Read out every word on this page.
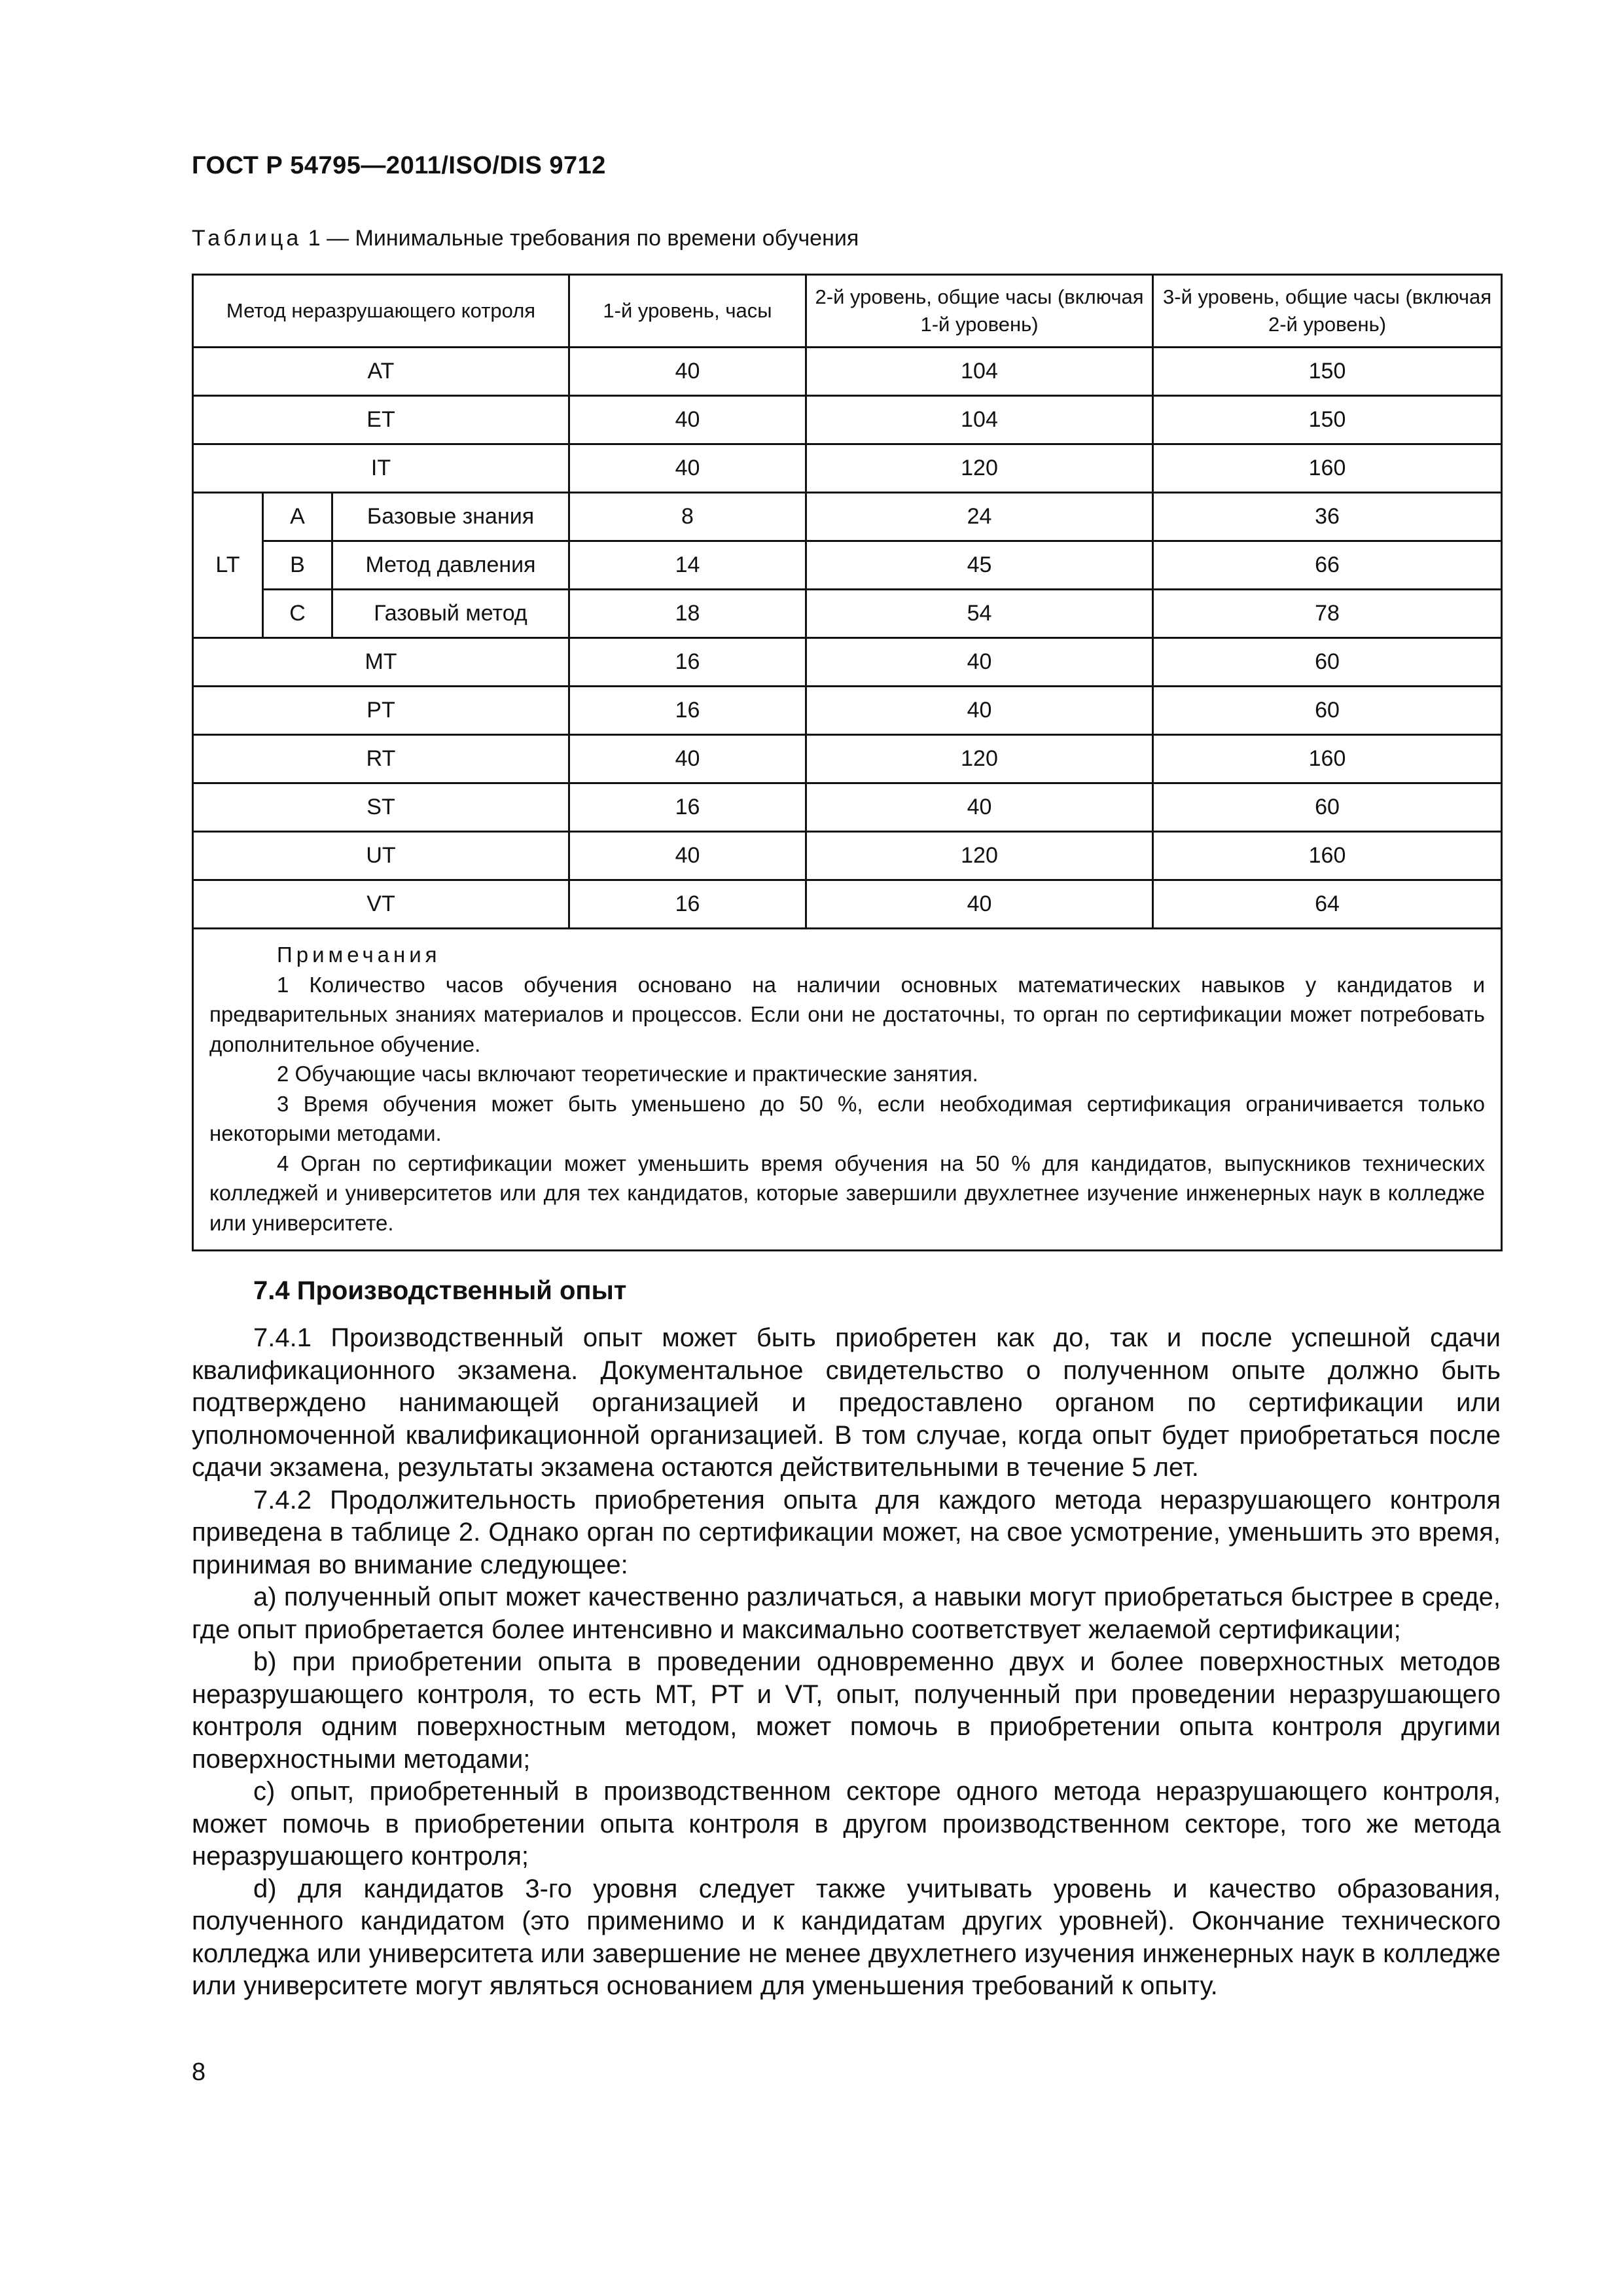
ГОСТ Р 54795—2011/ISO/DIS 9712
Таблица 1 — Минимальные требования по времени обучения
Метод неразрушающего котроля			1-й уровень, часы	2-й уровень, общие часы (включая 1-й уровень)	3-й уровень, общие часы (включая 2-й уровень)
AT			40	104	150
ET			40	104	150
IT			40	120	160
LT	A	Базовые знания	8	24	36
	B	Метод давления	14	45	66
	C	Газовый метод	18	54	78
MT			16	40	60
PT			16	40	60
RT			40	120	160
ST			16	40	60
UT			40	120	160
VT			16	40	64

Примечания
1 Количество часов обучения основано на наличии основных математических навыков у кандидатов и предварительных знаниях материалов и процессов. Если они не достаточны, то орган по сертификации может потребовать дополнительное обучение.
2 Обучающие часы включают теоретические и практические занятия.
3 Время обучения может быть уменьшено до 50 %, если необходимая сертификация ограничивается только некоторыми методами.
4 Орган по сертификации может уменьшить время обучения на 50 % для кандидатов, выпускников технических колледжей и университетов или для тех кандидатов, которые завершили двухлетнее изучение инженерных наук в колледже или университете.					
7.4 Производственный опыт

7.4.1 Производственный опыт может быть приобретен как до, так и после успешной сдачи квалификационного экзамена. Документальное свидетельство о полученном опыте должно быть подтверждено нанимающей организацией и предоставлено органом по сертификации или уполномоченной квалификационной организацией. В том случае, когда опыт будет приобретаться после сдачи экзамена, результаты экзамена остаются действительными в течение 5 лет.

7.4.2 Продолжительность приобретения опыта для каждого метода неразрушающего контроля приведена в таблице 2. Однако орган по сертификации может, на свое усмотрение, уменьшить это время, принимая во внимание следующее:

a) полученный опыт может качественно различаться, а навыки могут приобретаться быстрее в среде, где опыт приобретается более интенсивно и максимально соответствует желаемой сертификации;

b) при приобретении опыта в проведении одновременно двух и более поверхностных методов неразрушающего контроля, то есть MT, PT и VT, опыт, полученный при проведении неразрушающего контроля одним поверхностным методом, может помочь в приобретении опыта контроля другими поверхностными методами;

c) опыт, приобретенный в производственном секторе одного метода неразрушающего контроля, может помочь в приобретении опыта контроля в другом производственном секторе, того же метода неразрушающего контроля;

d) для кандидатов 3-го уровня следует также учитывать уровень и качество образования, полученного кандидатом (это применимо и к кандидатам других уровней). Окончание технического колледжа или университета или завершение не менее двухлетнего изучения инженерных наук в колледже или университете могут являться основанием для уменьшения требований к опыту.

8
